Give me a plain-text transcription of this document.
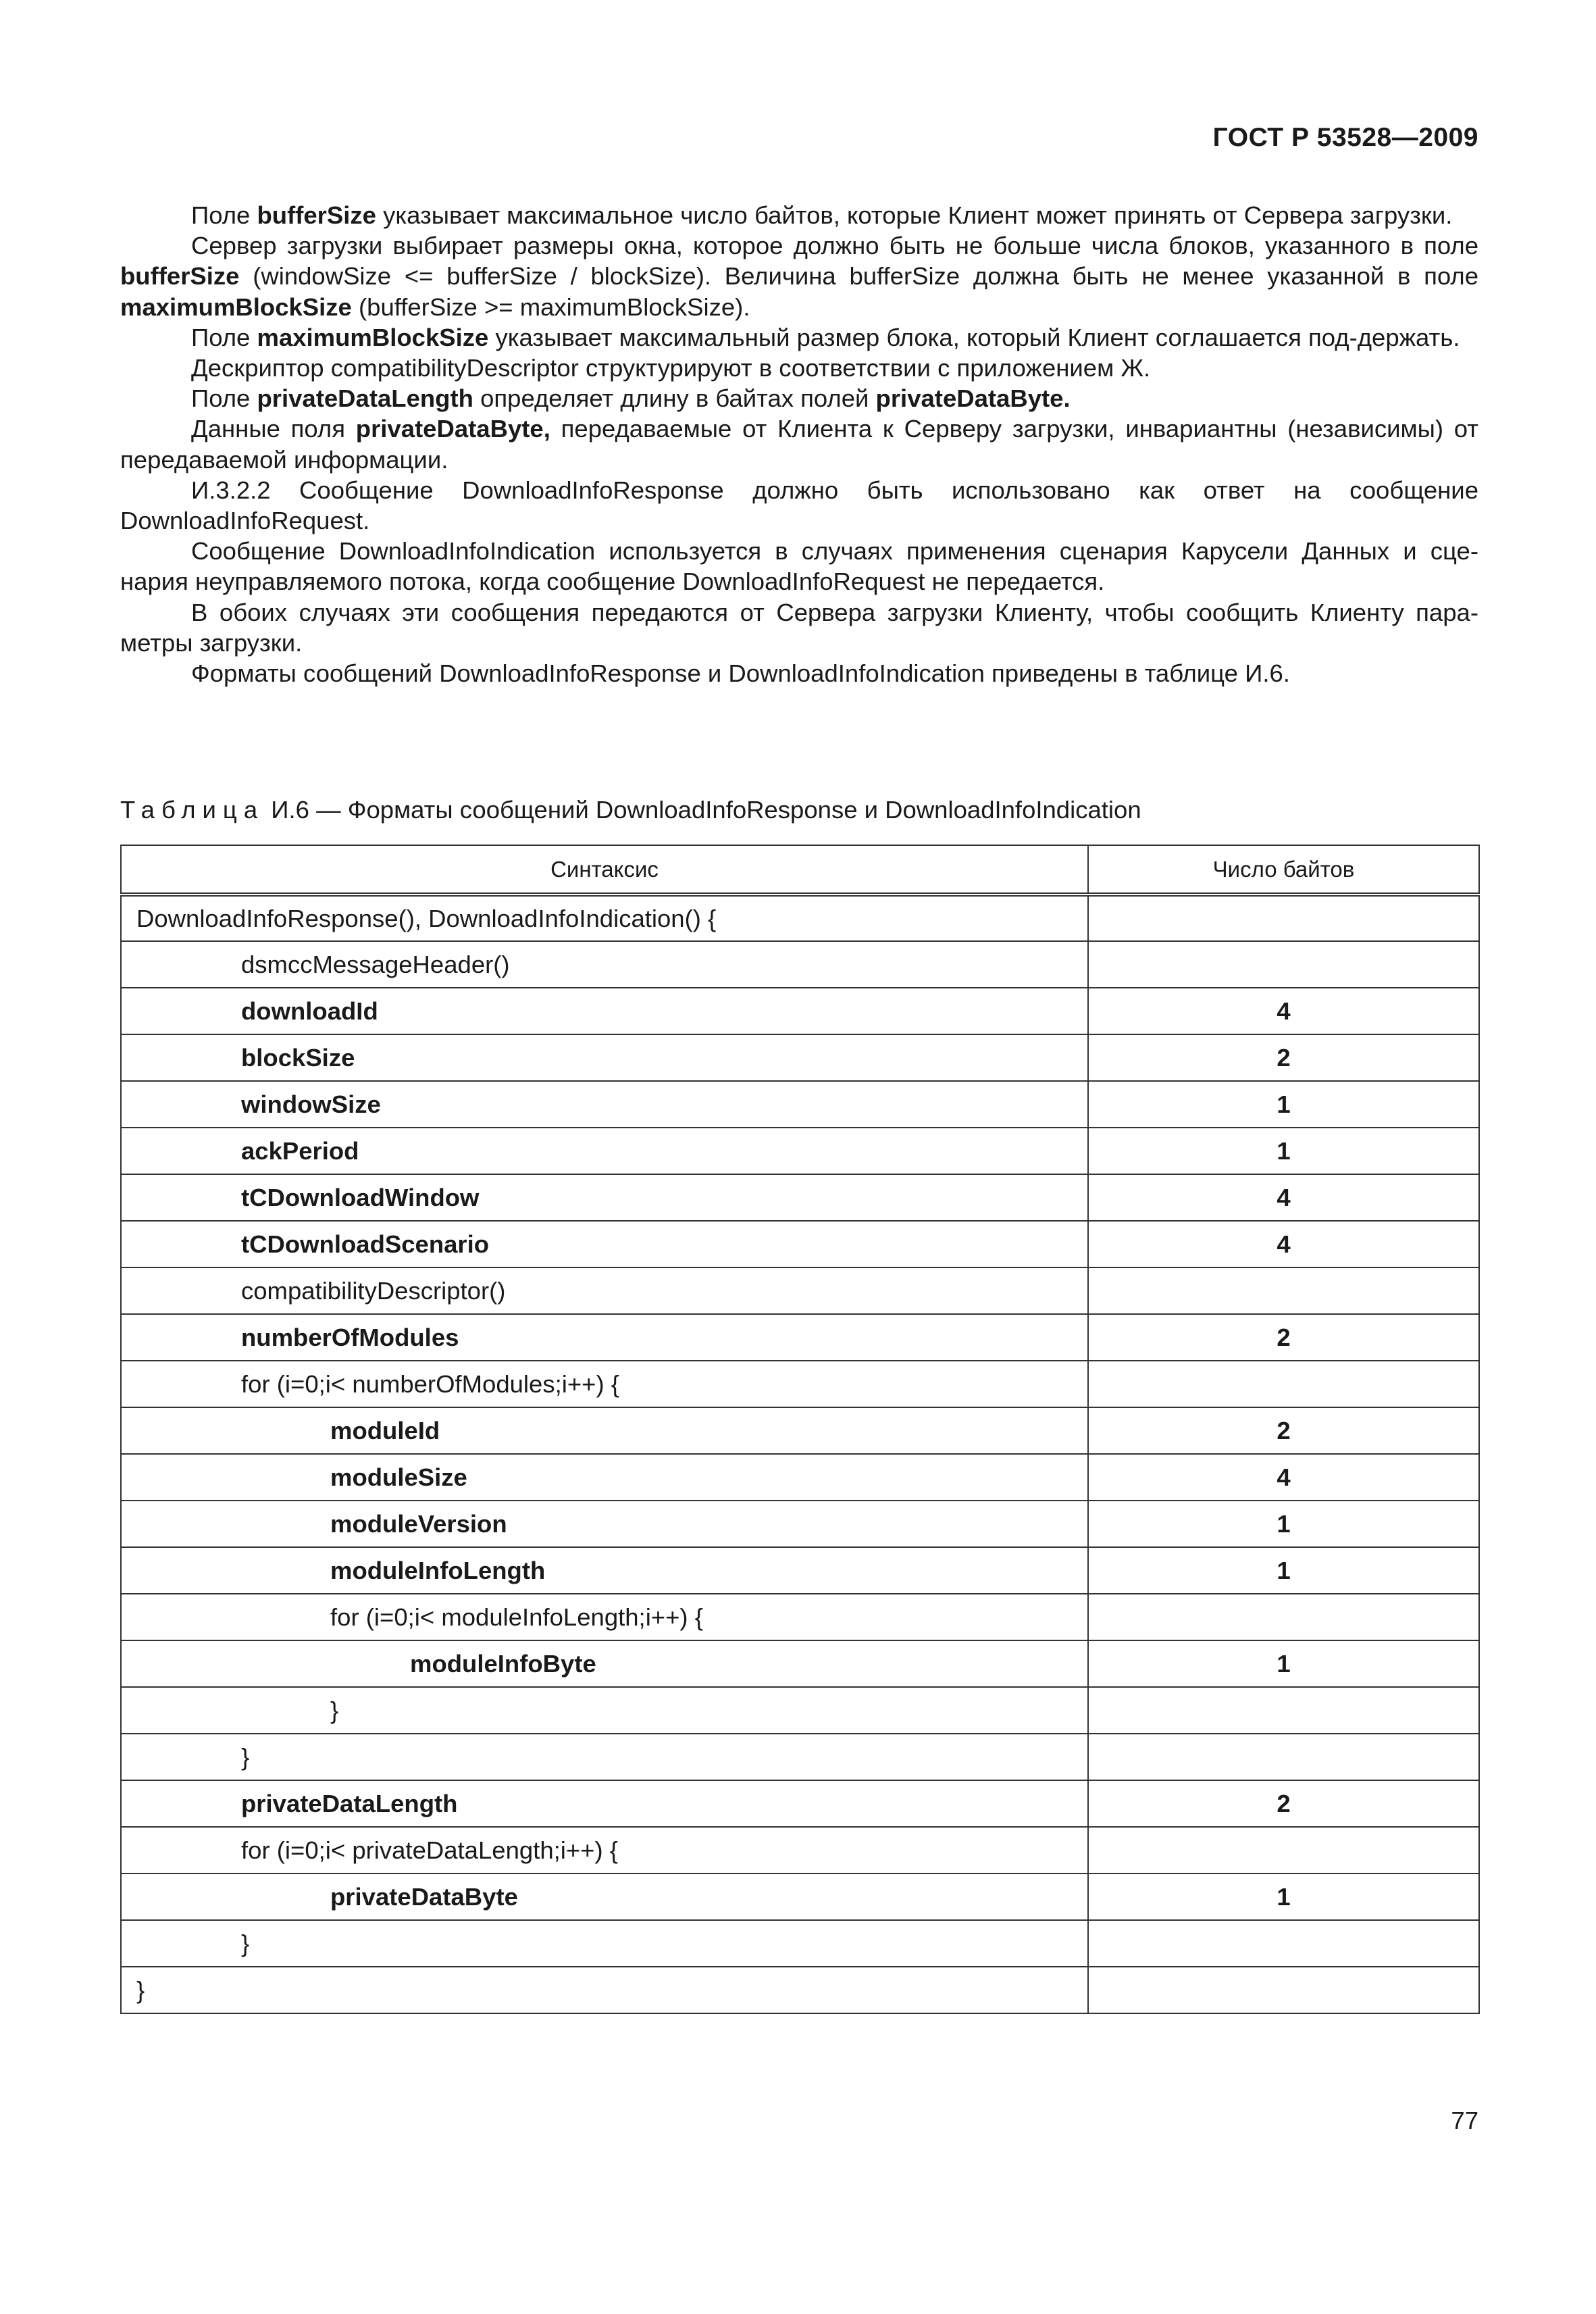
ГОСТ Р 53528—2009

Поле bufferSize указывает максимальное число байтов, которые Клиент может принять от Сервера загрузки.

Сервер загрузки выбирает размеры окна, которое должно быть не больше числа блоков, указанного в поле bufferSize (windowSize <= bufferSize / blockSize). Величина bufferSize должна быть не менее указанной в поле maximumBlockSize (bufferSize >= maximumBlockSize).

Поле maximumBlockSize указывает максимальный размер блока, который Клиент соглашается под-держать.

Дескриптор compatibilityDescriptor структурируют в соответствии с приложением Ж.

Поле privateDataLength определяет длину в байтах полей privateDataByte.

Данные поля privateDataByte, передаваемые от Клиента к Серверу загрузки, инвариантны (независимы) от передаваемой информации.

И.3.2.2 Сообщение DownloadInfoResponse должно быть использовано как ответ на сообщение DownloadInfoRequest.

Сообщение DownloadInfoIndication используется в случаях применения сценария Карусели Данных и сце-нария неуправляемого потока, когда сообщение DownloadInfoRequest не передается.

В обоих случаях эти сообщения передаются от Сервера загрузки Клиенту, чтобы сообщить Клиенту пара-метры загрузки.

Форматы сообщений DownloadInfoResponse и DownloadInfoIndication приведены в таблице И.6.

Таблица И.6 — Форматы сообщений DownloadInfoResponse и DownloadInfoIndication
Синтаксис	Число байтов
DownloadInfoResponse(), DownloadInfoIndication() {	
dsmccMessageHeader()	
downloadId	4
blockSize	2
windowSize	1
ackPeriod	1
tCDownloadWindow	4
tCDownloadScenario	4
compatibilityDescriptor()	
numberOfModules	2
for (i=0;i< numberOfModules;i++) {	
moduleId	2
moduleSize	4
moduleVersion	1
moduleInfoLength	1
for (i=0;i< moduleInfoLength;i++) {	
moduleInfoByte	1
}	
}	
privateDataLength	2
for (i=0;i< privateDataLength;i++) {	
privateDataByte	1
}	
}	
77
